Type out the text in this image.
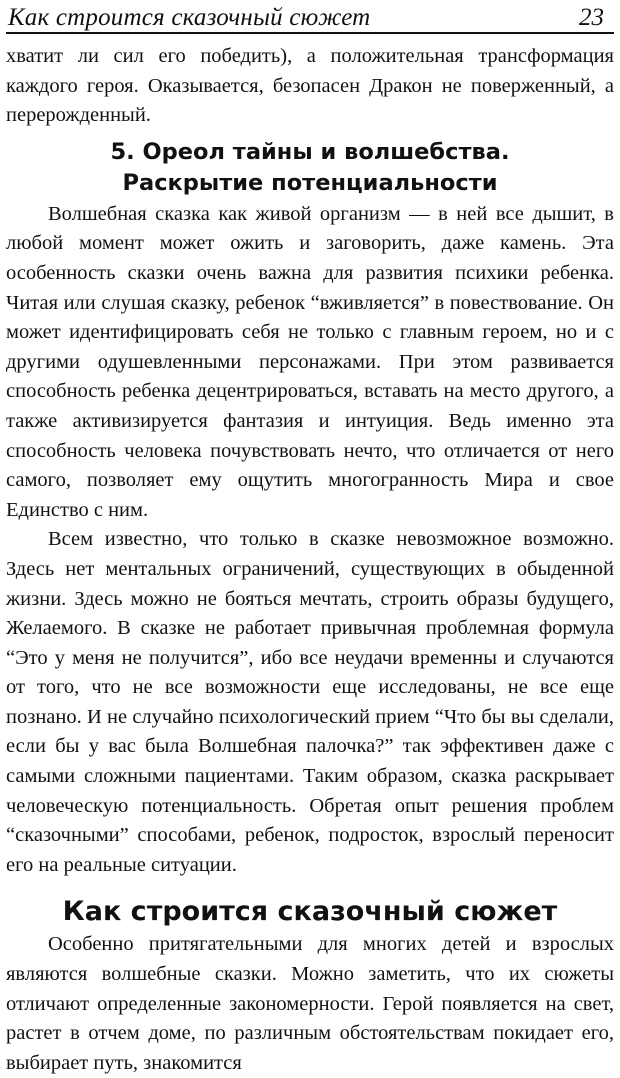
Как строится сказочный сюжет	23

хватит ли сил его победить), а положительная трансформация каждого героя. Оказывается, безопасен Дракон не поверженный, а перерожденный.

5. Ореол тайны и волшебства.
Раскрытие потенциальности

Волшебная сказка как живой организм — в ней все дышит, в любой момент может ожить и заговорить, даже камень. Эта особенность сказки очень важна для развития психики ребенка. Читая или слушая сказку, ребенок “вживляется” в повествование. Он может идентифицировать себя не только с главным героем, но и с другими одушевленными персонажами. При этом развивается способность ребенка децентрироваться, вставать на место другого, а также активизируется фантазия и интуиция. Ведь именно эта способность человека почувствовать нечто, что отличается от него самого, позволяет ему ощутить многогранность Мира и свое Единство с ним.

Всем известно, что только в сказке невозможное возможно. Здесь нет ментальных ограничений, существующих в обыденной жизни. Здесь можно не бояться мечтать, строить образы будущего, Желаемого. В сказке не работает привычная проблемная формула “Это у меня не получится”, ибо все неудачи временны и случаются от того, что не все возможности еще исследованы, не все еще познано. И не случайно психологический прием “Что бы вы сделали, если бы у вас была Волшебная палочка?” так эффективен даже с самыми сложными пациентами. Таким образом, сказка раскрывает человеческую потенциальность. Обретая опыт решения проблем “сказочными” способами, ребенок, подросток, взрослый переносит его на реальные ситуации.

Как строится сказочный сюжет

Особенно притягательными для многих детей и взрослых являются волшебные сказки. Можно заметить, что их сюжеты отличают определенные закономерности. Герой появляется на свет, растет в отчем доме, по различным обстоятельствам покидает его, выбирает путь, знакомится
